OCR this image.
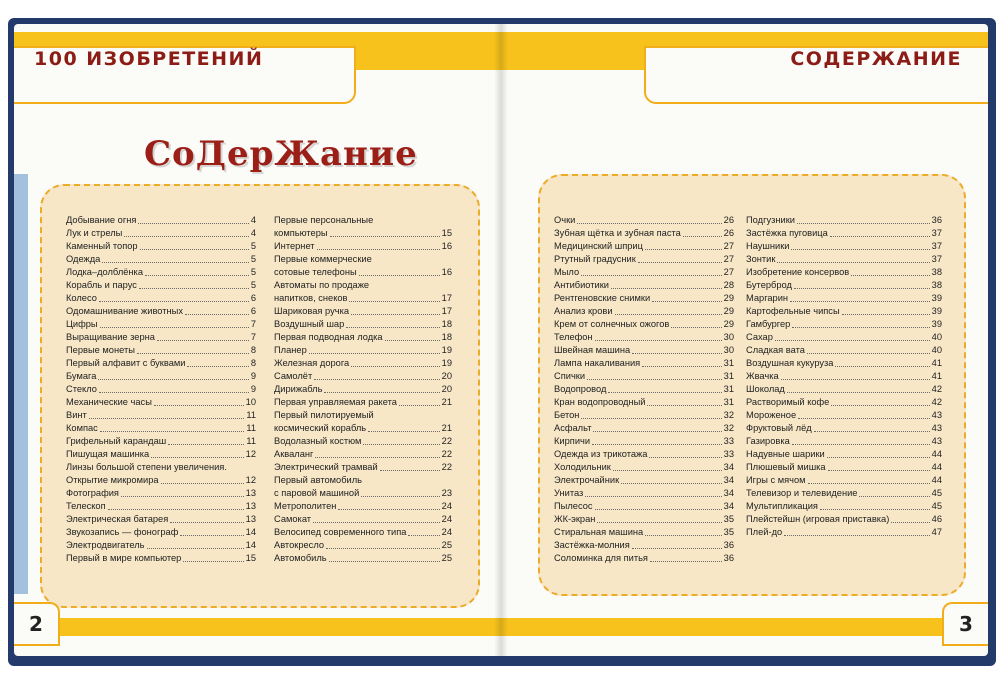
100 ИЗОБРЕТЕНИЙ
СоДерЖание
Добывание огня	4
Лук и стрелы	4
Каменный топор	5
Одежда	5
Лодка–долблёнка	5
Корабль и парус	5
Колесо	6
Одомашнивание животных	6
Цифры	7
Выращивание зерна	7
Первые монеты	8
Первый алфавит с буквами	8
Бумага	9
Стекло	9
Механические часы	10
Винт	11
Компас	11
Грифельный карандаш	11
Пишущая машинка	12
Линзы большой степени увеличения.
Открытие микромира	12
Фотография	13
Телескоп	13
Электрическая батарея	13
Звукозапись — фонограф	14
Электродвигатель	14
Первый в мире компьютер	15
Первые персональные
компьютеры	15
Интернет	16
Первые коммерческие
сотовые телефоны	16
Автоматы по продаже
напитков, снеков	17
Шариковая ручка	17
Воздушный шар	18
Первая подводная лодка	18
Планер	19
Железная дорога	19
Самолёт	20
Дирижабль	20
Первая управляемая ракета	21
Первый пилотируемый
космический корабль	21
Водолазный костюм	22
Акваланг	22
Электрический трамвай	22
Первый автомобиль
с паровой машиной	23
Метрополитен	24
Самокат	24
Велосипед современного типа	24
Автокресло	25
Автомобиль	25
2
СОДЕРЖАНИЕ
Очки	26
Зубная щётка и зубная паста	26
Медицинский шприц	27
Ртутный градусник	27
Мыло	27
Антибиотики	28
Рентгеновские снимки	29
Анализ крови	29
Крем от солнечных ожогов	29
Телефон	30
Швейная машина	30
Лампа накаливания	31
Спички	31
Водопровод	31
Кран водопроводный	31
Бетон	32
Асфальт	32
Кирпичи	33
Одежда из трикотажа	33
Холодильник	34
Электрочайник	34
Унитаз	34
Пылесос	34
ЖК-экран	35
Стиральная машина	35
Застёжка-молния	36
Соломинка для питья	36
Подгузники	36
Застёжка пуговица	37
Наушники	37
Зонтик	37
Изобретение консервов	38
Бутерброд	38
Маргарин	39
Картофельные чипсы	39
Гамбургер	39
Сахар	40
Сладкая вата	40
Воздушная кукуруза	41
Жвачка	41
Шоколад	42
Растворимый кофе	42
Мороженое	43
Фруктовый лёд	43
Газировка	43
Надувные шарики	44
Плюшевый мишка	44
Игры с мячом	44
Телевизор и телевидение	45
Мультипликация	45
Плейстейшн (игровая приставка)	46
Плей-до	47
3
